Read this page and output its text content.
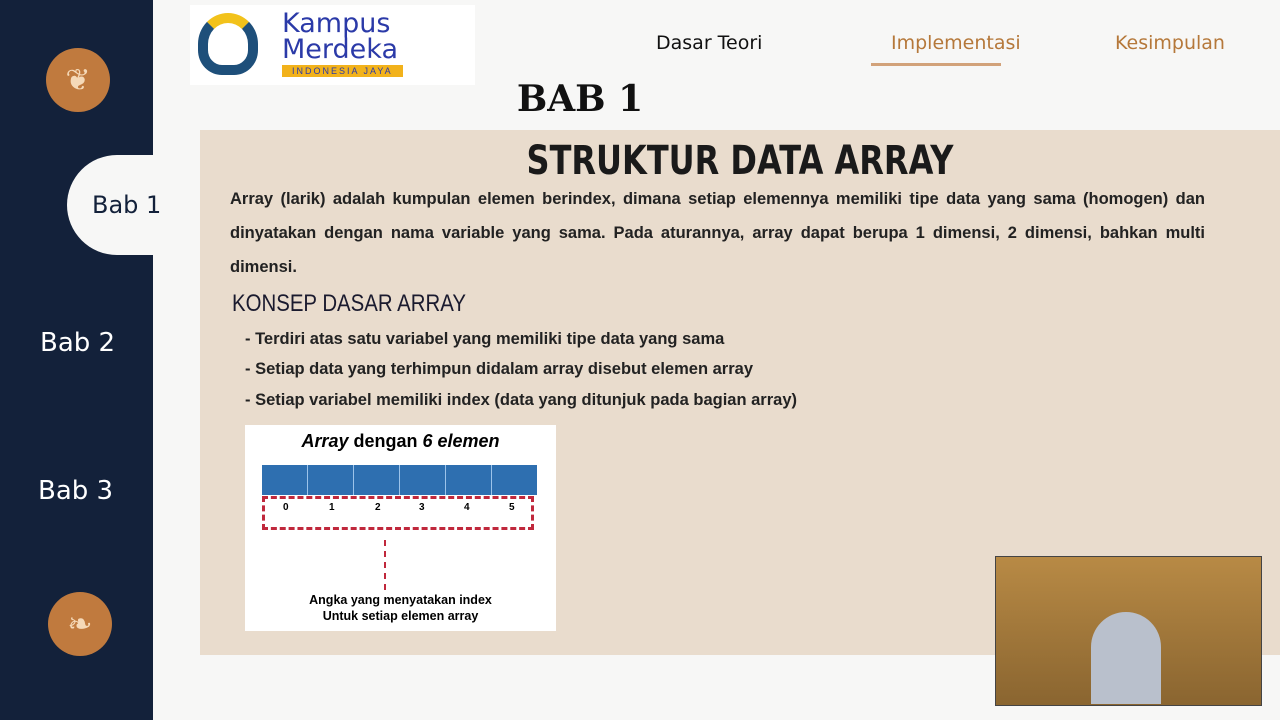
❦
Bab 1
Bab 2
Bab 3
❧
Kampus
Merdeka
INDONESIA JAYA
Dasar Teori	Implementasi	Kesimpulan
BAB 1
STRUKTUR DATA ARRAY
Array (larik) adalah kumpulan elemen berindex, dimana setiap elemennya memiliki tipe data yang sama (homogen) dan dinyatakan dengan nama variable yang sama. Pada aturannya, array dapat berupa 1 dimensi, 2 dimensi, bahkan multi dimensi.
KONSEP DASAR ARRAY
- Terdiri atas satu variabel yang memiliki tipe data yang sama
- Setiap data yang terhimpun didalam array disebut elemen array
- Setiap variabel memiliki index (data yang ditunjuk pada bagian array)
Array dengan 6 elemen
0	1	2	3	4	5
Angka yang menyatakan index
Untuk setiap elemen array
